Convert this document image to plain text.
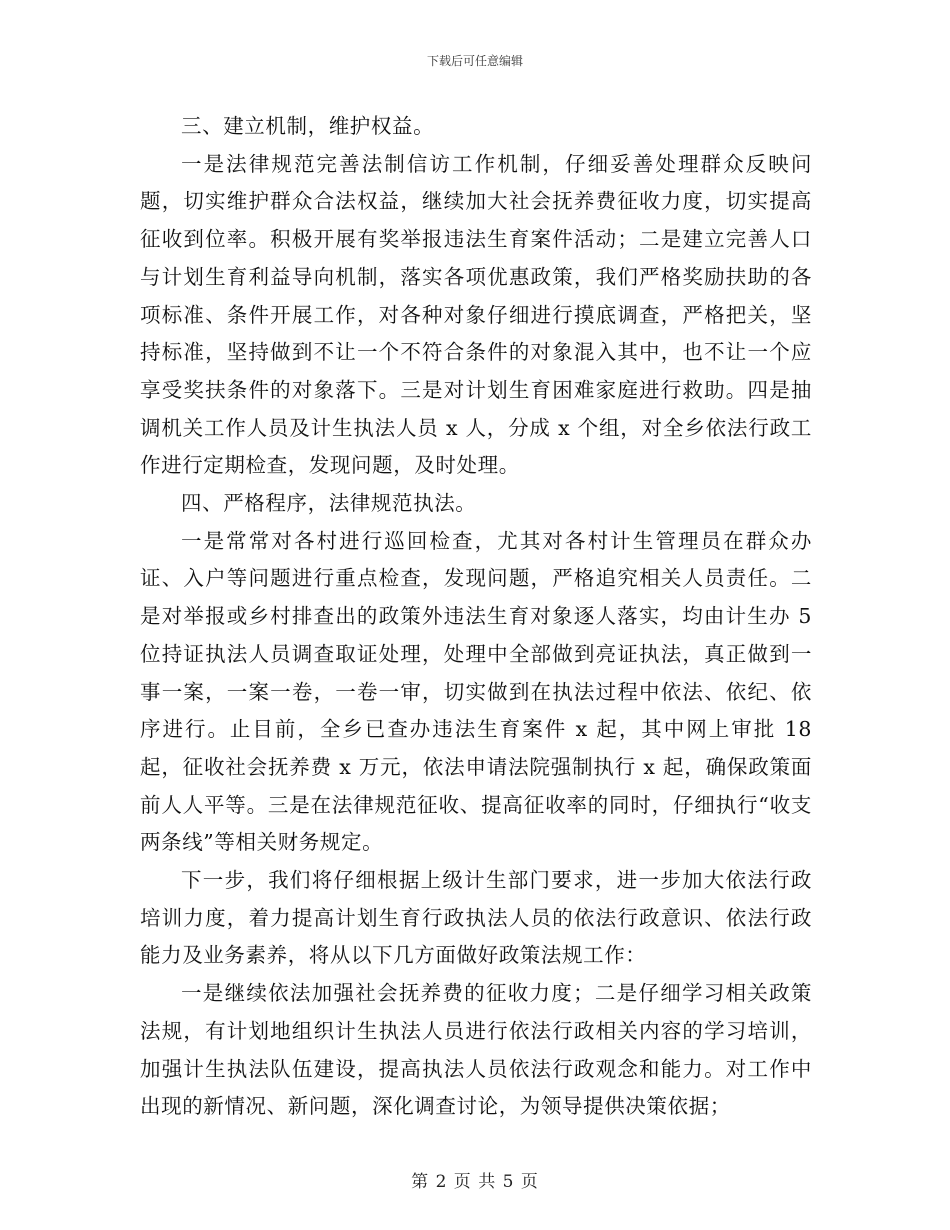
下载后可任意编辑

三、建立机制，维护权益。

一是法律规范完善法制信访工作机制，仔细妥善处理群众反映问题，切实维护群众合法权益，继续加大社会抚养费征收力度，切实提高征收到位率。积极开展有奖举报违法生育案件活动；二是建立完善人口与计划生育利益导向机制，落实各项优惠政策，我们严格奖励扶助的各项标准、条件开展工作，对各种对象仔细进行摸底调查，严格把关，坚持标准，坚持做到不让一个不符合条件的对象混入其中，也不让一个应享受奖扶条件的对象落下。三是对计划生育困难家庭进行救助。四是抽调机关工作人员及计生执法人员 x 人，分成 x 个组，对全乡依法行政工作进行定期检查，发现问题，及时处理。

四、严格程序，法律规范执法。

一是常常对各村进行巡回检查，尤其对各村计生管理员在群众办证、入户等问题进行重点检查，发现问题，严格追究相关人员责任。二是对举报或乡村排查出的政策外违法生育对象逐人落实，均由计生办 5 位持证执法人员调查取证处理，处理中全部做到亮证执法，真正做到一事一案，一案一卷，一卷一审，切实做到在执法过程中依法、依纪、依序进行。止目前，全乡已查办违法生育案件 x 起，其中网上审批 18 起，征收社会抚养费 x 万元，依法申请法院强制执行 x 起，确保政策面前人人平等。三是在法律规范征收、提高征收率的同时，仔细执行“收支两条线”等相关财务规定。

下一步，我们将仔细根据上级计生部门要求，进一步加大依法行政培训力度，着力提高计划生育行政执法人员的依法行政意识、依法行政能力及业务素养，将从以下几方面做好政策法规工作：

一是继续依法加强社会抚养费的征收力度；二是仔细学习相关政策法规，有计划地组织计生执法人员进行依法行政相关内容的学习培训，加强计生执法队伍建设，提高执法人员依法行政观念和能力。对工作中出现的新情况、新问题，深化调查讨论，为领导提供决策依据；

第 2 页 共 5 页
